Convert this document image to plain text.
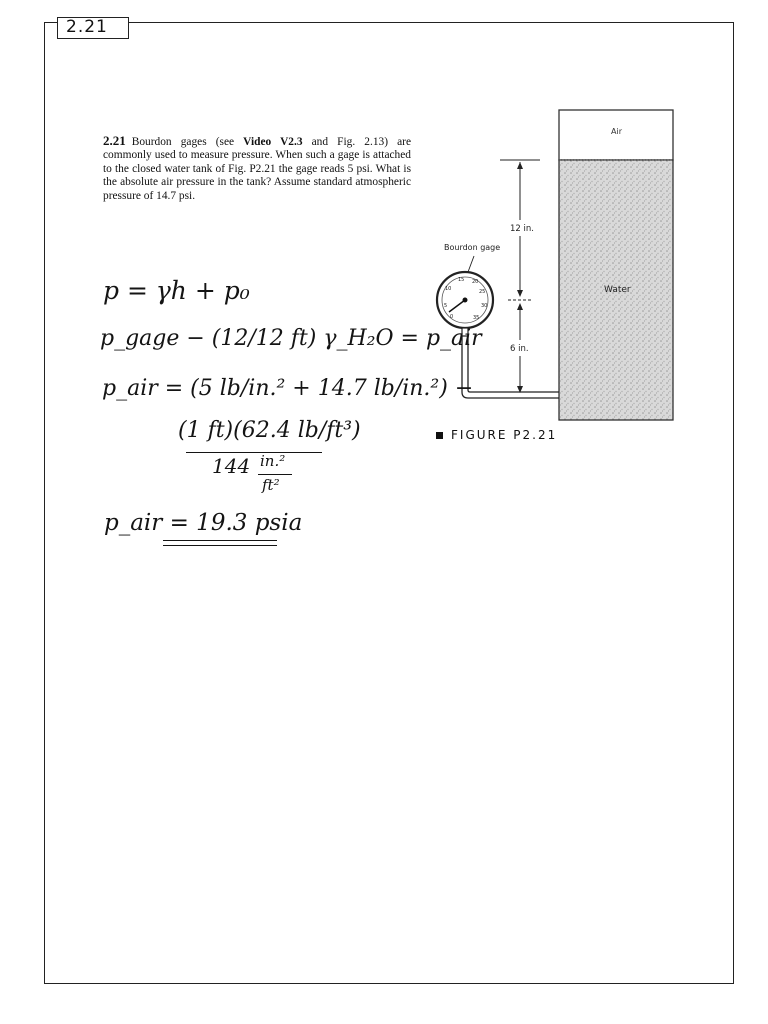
2.21
2.21 Bourdon gages (see Video V2.3 and Fig. 2.13) are commonly used to measure pressure. When such a gage is attached to the closed water tank of Fig. P2.21 the gage reads 5 psi. What is the absolute air pressure in the tank? Assume standard atmospheric pressure of 14.7 psi.
Air
Water
12 in.
6 in.
Bourdon gage
15 20
10	25
30
5
0	35
FIGURE P2.21
p = γh + p₀
p_gage − (12/12 ft) γ_H₂O = p_air
p_air = (5 lb/in.² + 14.7 lb/in.²) −
(1 ft)(62.4 lb/ft³)
144 in.²
ft²
p_air = 19.3 psia
